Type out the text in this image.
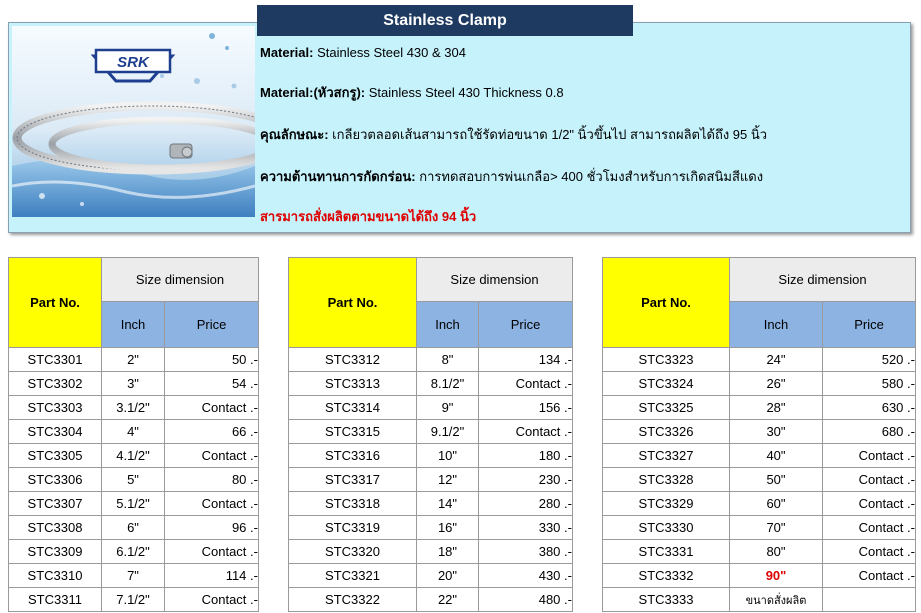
SRK
Stainless Clamp
Material: Stainless Steel 430 & 304
Material:(หัวสกรู): Stainless Steel 430 Thickness 0.8
คุณลักษณะ: เกลียวตลอดเส้นสามารถใช้รัดท่อขนาด 1/2" นิ้วขึ้นไป สามารถผลิตได้ถึง 95 นิ้ว
ความต้านทานการกัดกร่อน: การทดสอบการพ่นเกลือ> 400 ชั่วโมงสำหรับการเกิดสนิมสีแดง
สารมารถสั่งผลิตตามขนาดได้ถึง 94 นิ้ว
Part No.	Size dimension	
	Inch	Price
STC3301	2"	50 .-
STC3302	3"	54 .-
STC3303	3.1/2"	Contact .-
STC3304	4"	66 .-
STC3305	4.1/2"	Contact .-
STC3306	5"	80 .-
STC3307	5.1/2"	Contact .-
STC3308	6"	96 .-
STC3309	6.1/2"	Contact .-
STC3310	7"	114 .-
STC3311	7.1/2"	Contact .-
Part No.	Size dimension	
	Inch	Price
STC3312	8"	134 .-
STC3313	8.1/2"	Contact .-
STC3314	9"	156 .-
STC3315	9.1/2"	Contact .-
STC3316	10"	180 .-
STC3317	12"	230 .-
STC3318	14"	280 .-
STC3319	16"	330 .-
STC3320	18"	380 .-
STC3321	20"	430 .-
STC3322	22"	480 .-
Part No.	Size dimension	
	Inch	Price
STC3323	24"	520 .-
STC3324	26"	580 .-
STC3325	28"	630 .-
STC3326	30"	680 .-
STC3327	40"	Contact .-
STC3328	50"	Contact .-
STC3329	60"	Contact .-
STC3330	70"	Contact .-
STC3331	80"	Contact .-
STC3332	90"	Contact .-
STC3333	ขนาดสั่งผลิต	
